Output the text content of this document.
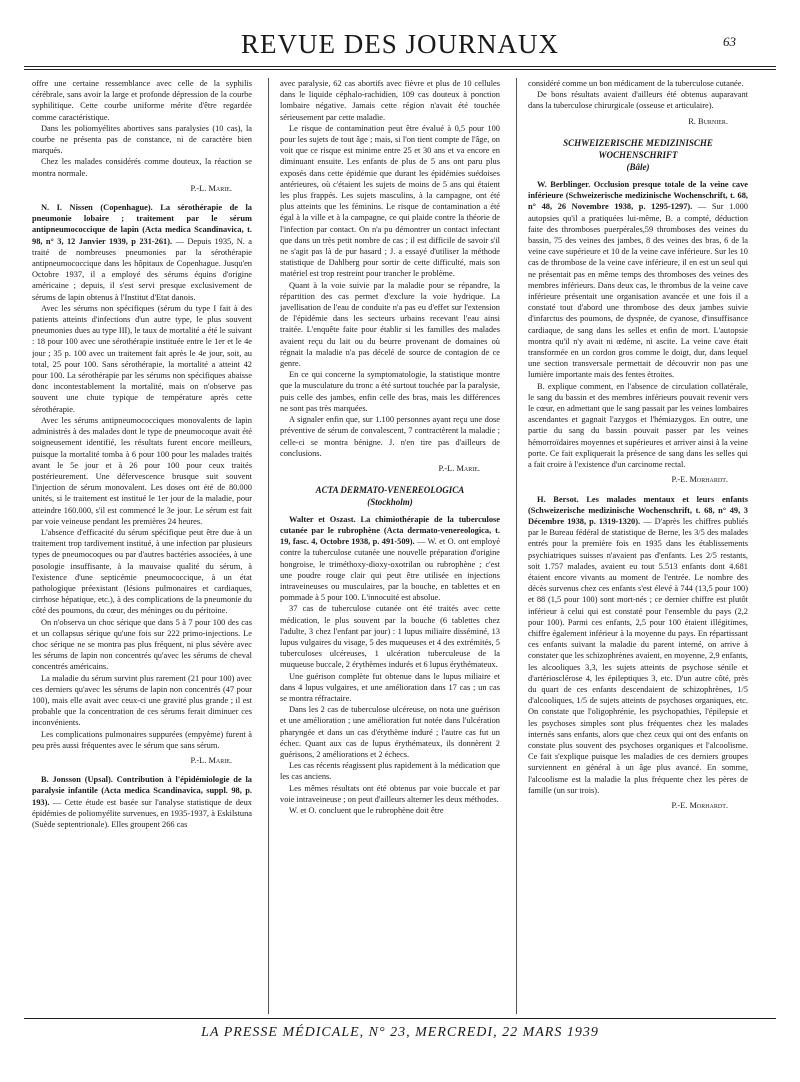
REVUE DES JOURNAUX	63

offre une certaine ressemblance avec celle de la syphilis cérébrale, sans avoir la large et profonde dépression de la courbe syphilitique. Cette courbe uniforme mérite d'être regardée comme caractéristique.

Dans les poliomyélites abortives sans paralysies (10 cas), la courbe ne présenta pas de constance, ni de caractère bien marqués.

Chez les malades considérés comme douteux, la réaction se montra normale.

P.-L. Marie.

N. I. Nissen (Copenhague). La sérothérapie de la pneumonie lobaire ; traitement par le sérum antipneumococcique de lapin (Acta medica Scandinavica, t. 98, n° 3, 12 Janvier 1939, p 231-261). — Depuis 1935, N. a traité de nombreuses pneumonies par la sérothérapie antipneumococcique dans les hôpitaux de Copenhague. Jusqu'en Octobre 1937, il a employé des sérums équins d'origine américaine ; depuis, il s'est servi presque exclusivement de sérums de lapin obtenus à l'Institut d'Etat danois.

Avec les sérums non spécifiques (sérum du type I fait à des patients atteints d'infections d'un autre type, le plus souvent pneumonies dues au type III), le taux de mortalité a été le suivant : 18 pour 100 avec une sérothérapie instituée entre le 1er et le 4e jour ; 35 p. 100 avec un traitement fait après le 4e jour, soit, au total, 25 pour 100. Sans sérothérapie, la mortalité a atteint 42 pour 100. La sérothérapie par les sérums non spécifiques abaisse donc incontestablement la mortalité, mais on n'observe pas souvent une chute typique de température après cette sérothérapie.

Avec les sérums antipneumococciques monovalents de lapin administrés à des malades dont le type de pneumocoque avait été soigneusement identifié, les résultats furent encore meilleurs, puisque la mortalité tomba à 6 pour 100 pour les malades traités avant le 5e jour et à 26 pour 100 pour ceux traités postérieurement. Une défervescence brusque suit souvent l'injection de sérum monovalent. Les doses ont été de 80.000 unités, si le traitement est institué le 1er jour de la maladie, pour atteindre 160.000, s'il est commencé le 3e jour. Le sérum est fait par voie veineuse pendant les premières 24 heures.

L'absence d'efficacité du sérum spécifique peut être due à un traitement trop tardivement institué, à une infection par plusieurs types de pneumocoques ou par d'autres bactéries associées, à une posologie insuffisante, à la mauvaise qualité du sérum, à l'existence d'une septicémie pneumococcique, à un état pathologique préexistant (lésions pulmonaires et cardiaques, cirrhose hépatique, etc.), à des complications de la pneumonie du côté des poumons, du cœur, des méninges ou du péritoine.

On n'observa un choc sérique que dans 5 à 7 pour 100 des cas et un collapsus sérique qu'une fois sur 222 primo-injections. Le choc sérique ne se montra pas plus fréquent, ni plus sévère avec les sérums de lapin non concentrés qu'avec les sérums de cheval concentrés américains.

La maladie du sérum survint plus rarement (21 pour 100) avec ces derniers qu'avec les sérums de lapin non concentrés (47 pour 100), mais elle avait avec ceux-ci une gravité plus grande ; il est probable que la concentration de ces sérums ferait diminuer ces inconvénients.

Les complications pulmonaires suppurées (empyème) furent à peu près aussi fréquentes avec le sérum que sans sérum.

P.-L. Marie.

B. Jonsson (Upsal). Contribution à l'épidémiologie de la paralysie infantile (Acta medica Scandinavica, suppl. 98, p. 193). — Cette étude est basée sur l'analyse statistique de deux épidémies de poliomyélite survenues, en 1935-1937, à Eskilstuna (Suède septentrionale). Elles groupent 266 cas

avec paralysie, 62 cas abortifs avec fièvre et plus de 10 cellules dans le liquide céphalo-rachidien, 109 cas douteux à ponction lombaire négative. Jamais cette région n'avait été touchée sérieusement par cette maladie.

Le risque de contamination peut être évalué à 0,5 pour 100 pour les sujets de tout âge ; mais, si l'on tient compte de l'âge, on voit que ce risque est minime entre 25 et 30 ans et va encore en diminuant ensuite. Les enfants de plus de 5 ans ont paru plus exposés dans cette épidémie que durant les épidémies suédoises antérieures, où c'étaient les sujets de moins de 5 ans qui étaient les plus frappés. Les sujets masculins, à la campagne, ont été plus atteints que les féminins. Le risque de contamination a été égal à la ville et à la campagne, ce qui plaide contre la théorie de l'infection par contact. On n'a pu démontrer un contact infectant que dans un très petit nombre de cas ; il est difficile de savoir s'il ne s'agit pas là de pur hasard ; J. a essayé d'utiliser la méthode statistique de Dahlberg pour sortir de cette difficulté, mais son matériel est trop restreint pour trancher le problème.

Quant à la voie suivie par la maladie pour se répandre, la répartition des cas permet d'exclure la voie hydrique. La javellisation de l'eau de conduite n'a pas eu d'effet sur l'extension de l'épidémie dans les secteurs urbains recevant l'eau ainsi traitée. L'enquête faite pour établir si les familles des malades avaient reçu du lait ou du beurre provenant de domaines où régnait la maladie n'a pas décelé de source de contagion de ce genre.

En ce qui concerne la symptomatologie, la statistique montre que la musculature du tronc a été surtout touchée par la paralysie, puis celle des jambes, enfin celle des bras, mais les différences ne sont pas très marquées.

A signaler enfin que, sur 1.100 personnes ayant reçu une dose préventive de sérum de convalescent, 7 contractèrent la maladie ; celle-ci se montra bénigne. J. n'en tire pas d'ailleurs de conclusions.

P.-L. Marie.

ACTA DERMATO-VENEREOLOGICA

(Stockholm)

Walter et Oszast. La chimiothérapie de la tuberculose cutanée par le rubrophène (Acta dermato-venereologica, t. 19, fasc. 4, Octobre 1938, p. 491-509). — W. et O. ont employé contre la tuberculose cutanée une nouvelle préparation d'origine hongroise, le triméthoxy-dioxy-oxotrilan ou rubrophène ; c'est une poudre rouge clair qui peut être utilisée en injections intraveineuses ou musculaires, par la bouche, en tablettes et en pommade à 5 pour 100. L'innocuité est absolue.

37 cas de tuberculose cutanée ont été traités avec cette médication, le plus souvent par la bouche (6 tablettes chez l'adulte, 3 chez l'enfant par jour) : 1 lupus miliaire disséminé, 13 lupus vulgaires du visage, 5 des muqueuses et 4 des extrémités, 5 tuberculoses ulcéreuses, 1 ulcération tuberculeuse de la muqueuse buccale, 2 érythèmes indurés et 6 lupus érythémateux.

Une guérison complète fut obtenue dans le lupus miliaire et dans 4 lupus vulgaires, et une amélioration dans 17 cas ; un cas se montra réfractaire.

Dans les 2 cas de tuberculose ulcéreuse, on nota une guérison et une amélioration ; une amélioration fut notée dans l'ulcération pharyngée et dans un cas d'érythème induré ; l'autre cas fut un échec. Quant aux cas de lupus érythémateux, ils donnèrent 2 guérisons, 2 améliorations et 2 échecs.

Les cas récents réagissent plus rapidement à la médication que les cas anciens.

Les mêmes résultats ont été obtenus par voie buccale et par voie intraveineuse ; on peut d'ailleurs alterner les deux méthodes.

W. et O. concluent que le rubrophène doit être

considéré comme un bon médicament de la tuberculose cutanée.

De bons résultats avaient d'ailleurs été obtenus auparavant dans la tuberculose chirurgicale (osseuse et articulaire).

R. Burnier.

SCHWEIZERISCHE MEDIZINISCHE WOCHENSCHRIFT

(Bâle)

W. Berblinger. Occlusion presque totale de la veine cave inférieure (Schweizerische medizinische Wochenschrift, t. 68, n° 48, 26 Novembre 1938, p. 1295-1297). — Sur 1.000 autopsies qu'il a pratiquées lui-même, B. a compté, déduction faite des thromboses puerpérales,59 thromboses des veines du bassin, 75 des veines des jambes, 8 des veines des bras, 6 de la veine cave supérieure et 10 de la veine cave inférieure. Sur les 10 cas de thrombose de la veine cave inférieure, il en est un seul qui ne présentait pas en même temps des thromboses des veines des membres inférieurs. Dans deux cas, le thrombus de la veine cave inférieure présentait une organisation avancée et une fois il a constaté tout d'abord une thrombose des deux jambes suivie d'infarctus des poumons, de dyspnée, de cyanose, d'insuffisance cardiaque, de sang dans les selles et enfin de mort. L'autopsie montra qu'il n'y avait ni œdème, ni ascite. La veine cave était transformée en un cordon gros comme le doigt, dur, dans lequel une section transversale permettait de découvrir non pas une lumière importante mais des fentes étroites.

B. explique comment, en l'absence de circulation collatérale, le sang du bassin et des membres inférieurs pouvait revenir vers le cœur, en admettant que le sang passait par les veines lombaires ascendantes et gagnait l'azygos et l'hémiazygos. En outre, une partie du sang du bassin pouvait passer par les veines hémorroïdaires moyennes et supérieures et arriver ainsi à la veine porte. Ce fait expliquerait la présence de sang dans les selles qui a fait croire à l'existence d'un carcinome rectal.

P.-E. Morhardt.

H. Bersot. Les malades mentaux et leurs enfants (Schweizerische medizinische Wochenschrift, t. 68, n° 49, 3 Décembre 1938, p. 1319-1320). — D'après les chiffres publiés par le Bureau fédéral de statistique de Berne, les 3/5 des malades entrés pour la première fois en 1935 dans les établissements psychiatriques suisses n'avaient pas d'enfants. Les 2/5 restants, soit 1.757 malades, avaient eu tout 5.513 enfants dont 4.681 étaient encore vivants au moment de l'entrée. Le nombre des décès survenus chez ces enfants s'est élevé à 744 (13,5 pour 100) et 88 (1,5 pour 100) sont mort-nés ; ce dernier chiffre est plutôt inférieur à celui qui est constaté pour l'ensemble du pays (2,2 pour 100). Parmi ces enfants, 2,5 pour 100 étaient illégitimes, chiffre également inférieur à la moyenne du pays. En répartissant ces enfants suivant la maladie du parent interné, on arrive à constater que les schizophrènes avaient, en moyenne, 2,9 enfants, les alcooliques 3,3, les sujets atteints de psychose sénile et d'artériosclérose 4, les épileptiques 3, etc. D'un autre côté, près du quart de ces enfants descendaient de schizophrènes, 1/5 d'alcooliques, 1/5 de sujets atteints de psychoses organiques, etc. On constate que l'oligophrénie, les psychopathies, l'épilepsie et les psychoses simples sont plus fréquentes chez les malades internés sans enfants, alors que chez ceux qui ont des enfants on constate plus souvent des psychoses organiques et l'alcoolisme. Ce fait s'explique puisque les maladies de ces derniers groupes surviennent en général à un âge plus avancé. En somme, l'alcoolisme est la maladie la plus fréquente chez les pères de famille (un sur trois).

P.-E. Morhardt.

LA PRESSE MÉDICALE, N° 23, MERCREDI, 22 MARS 1939
